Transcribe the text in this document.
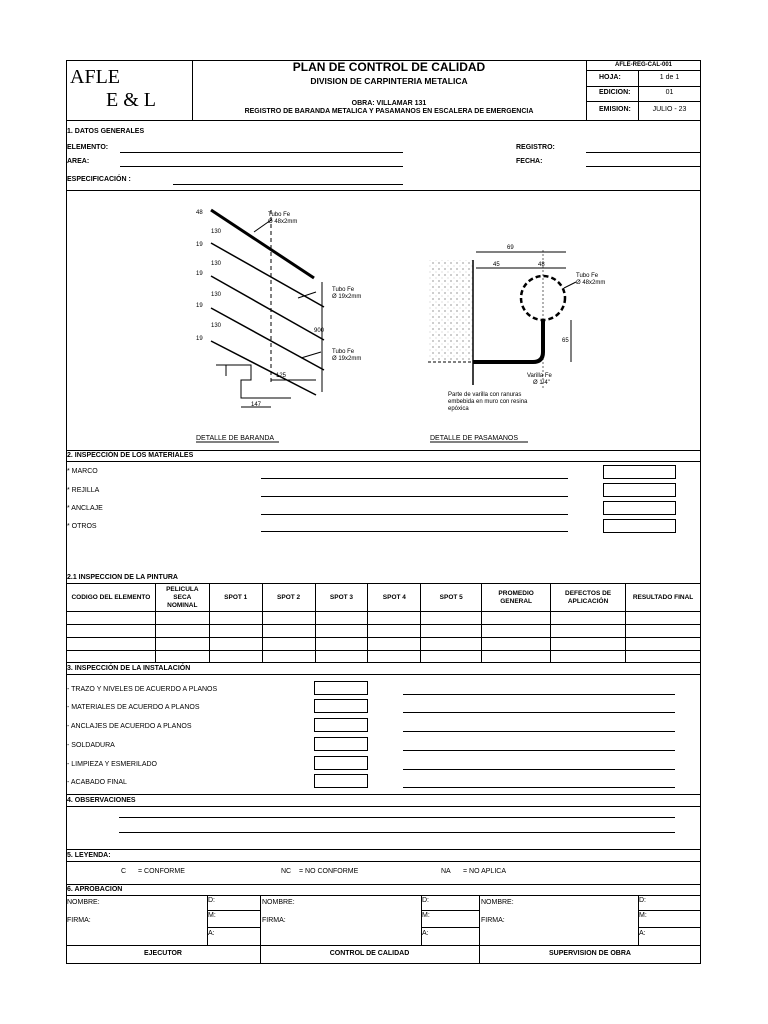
AFLE
E & L
PLAN DE CONTROL DE CALIDAD
DIVISION DE CARPINTERIA METALICA
OBRA: VILLAMAR 131
REGISTRO DE BARANDA METALICA Y PASAMANOS EN ESCALERA DE EMERGENCIA
AFLE-REG-CAL-001
HOJA:	1 de 1
EDICION:	01
EMISION:	JULIO - 23
1. DATOS GENERALES
ELEMENTO:
AREA:
ESPECIFICACIÓN :
REGISTRO:
FECHA:
48	Tubo Fe
Ø 48x2mm
130
19
130
19
130
19
130
19
Tubo Fe
Ø 19x2mm
900
Tubo Fe
Ø 19x2mm
125
147
DETALLE DE BARANDA
69
45	48
Tubo Fe
Ø 48x2mm
65
Varilla Fe
Ø 1/4"
Parte de varilla con ranuras
embebida en muro con resina
epóxica
DETALLE DE PASAMANOS
2. INSPECCIÓN DE LOS MATERIALES
* MARCO
* REJILLA
* ANCLAJE
* OTROS
2.1 INSPECCION DE LA PINTURA
CODIGO DEL ELEMENTO	PELICULA SECA NOMINAL	SPOT 1	SPOT 2	SPOT 3	SPOT 4	SPOT 5	PROMEDIO GENERAL	DEFECTOS DE APLICACIÓN	RESULTADO FINAL

3. INSPECCIÓN DE LA INSTALACIÓN
- TRAZO Y NIVELES DE ACUERDO A PLANOS
- MATERIALES DE ACUERDO A PLANOS
- ANCLAJES DE ACUERDO A PLANOS
- SOLDADURA
- LIMPIEZA Y ESMERILADO
- ACABADO FINAL
4. OBSERVACIONES
5. LEYENDA:
C = CONFORME	NC = NO CONFORME	NA = NO APLICA
6. APROBACION
NOMBRE:
FIRMA:
D:
M:
A:
NOMBRE:
FIRMA:
D:
M:
A:
NOMBRE:
FIRMA:
D:
M:
A:
EJECUTOR	CONTROL DE CALIDAD	SUPERVISION DE OBRA
